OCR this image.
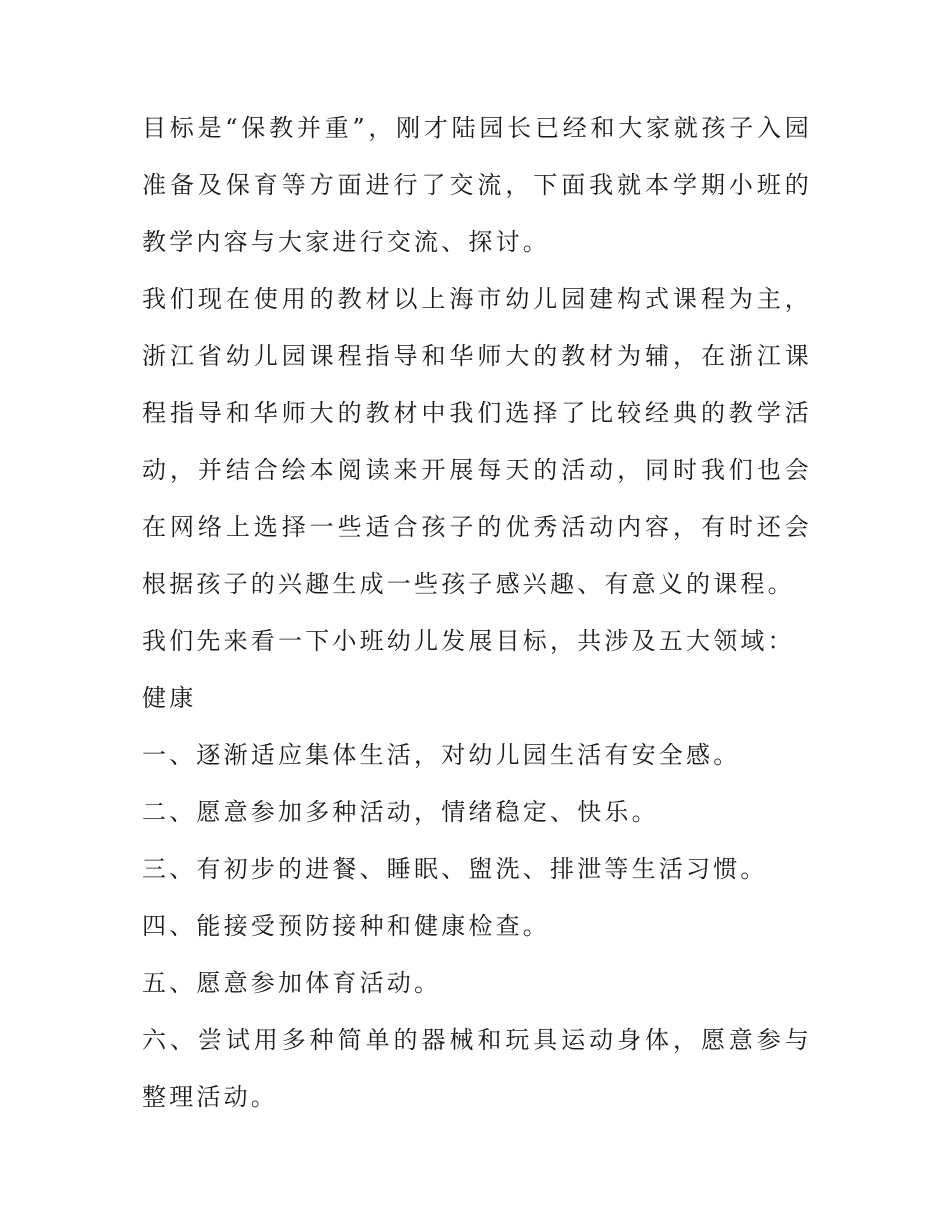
目标是“保教并重”，刚才陆园长已经和大家就孩子入园准备及保育等方面进行了交流，下面我就本学期小班的教学内容与大家进行交流、探讨。

我们现在使用的教材以上海市幼儿园建构式课程为主，浙江省幼儿园课程指导和华师大的教材为辅，在浙江课程指导和华师大的教材中我们选择了比较经典的教学活动，并结合绘本阅读来开展每天的活动，同时我们也会在网络上选择一些适合孩子的优秀活动内容，有时还会根据孩子的兴趣生成一些孩子感兴趣、有意义的课程。

我们先来看一下小班幼儿发展目标，共涉及五大领域：

健康

一、逐渐适应集体生活，对幼儿园生活有安全感。

二、愿意参加多种活动，情绪稳定、快乐。

三、有初步的进餐、睡眠、盥洗、排泄等生活习惯。

四、能接受预防接种和健康检查。

五、愿意参加体育活动。

六、尝试用多种简单的器械和玩具运动身体，愿意参与整理活动。
